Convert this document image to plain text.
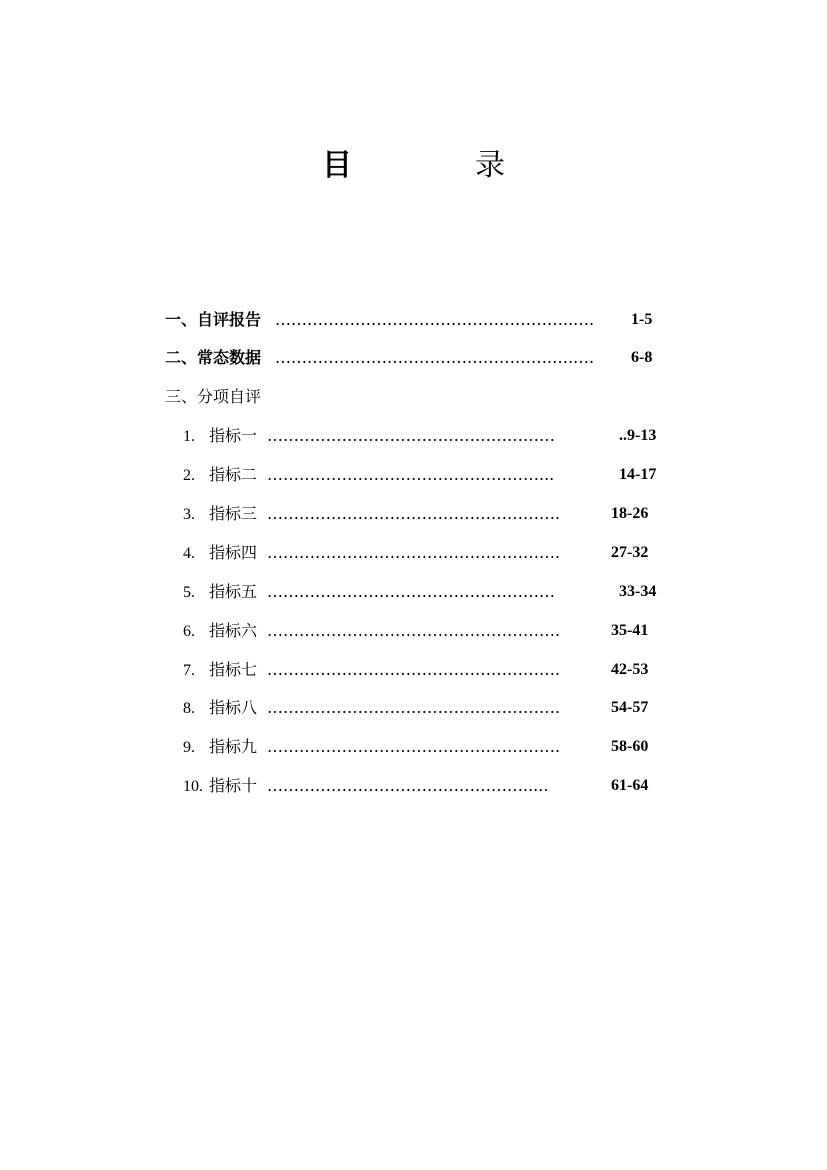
目	录
一、自评报告 ………………………………………………...…	1-5
二、常态数据 …………………………………………….…..…	6-8
三、分项自评
1. 指标一 ………………………………………………	..9-13
2. 指标二 ……………………………………………...	14-17
3. 指标三 ……………………………………………….	18-26
4. 指标四 ……………………………………………….	27-32
5. 指标五 ………………………………………………	33-34
6. 指标六 ……………………………………………….	35-41
7. 指标七 ……………………………………………….	42-53
8. 指标八 ……………………………………………….	54-57
9. 指标九 ……………………………………………….	58-60
10. 指标十 ………………………………………….....	61-64
